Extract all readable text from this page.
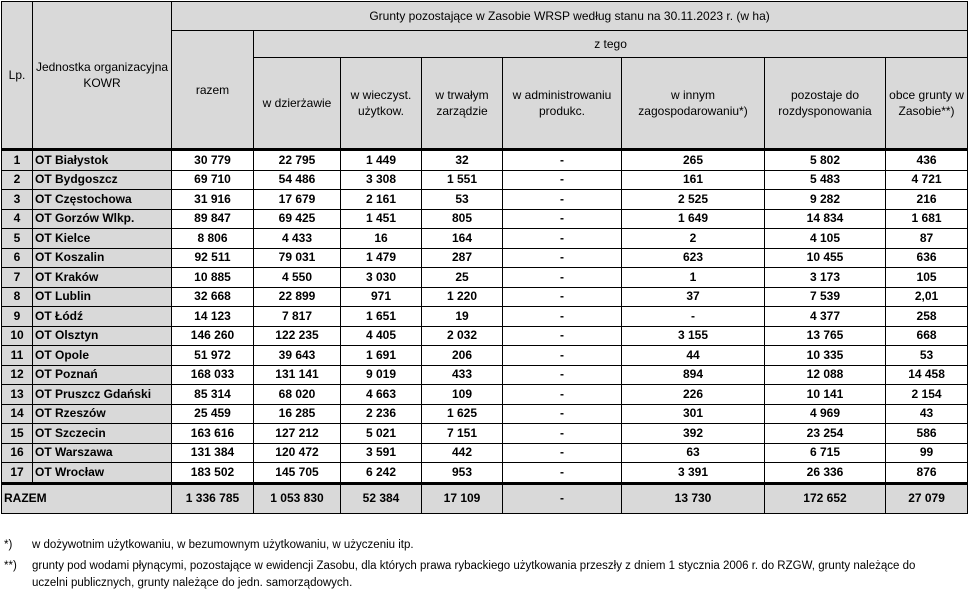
Lp.	Jednostka organizacyjna KOWR	Grunty pozostające w Zasobie WRSP według stanu na 30.11.2023 r. (w ha)							
		razem	z tego						
			w dzierżawie	w wieczyst. użytkow.	w trwałym zarządzie	w administrowaniu produkc.	w innym zagospodarowaniu*)	pozostaje do rozdysponowania	obce grunty w Zasobie**)
1	OT Białystok	30 779	22 795	1 449	32	-	265	5 802	436
2	OT Bydgoszcz	69 710	54 486	3 308	1 551	-	161	5 483	4 721
3	OT Częstochowa	31 916	17 679	2 161	53	-	2 525	9 282	216
4	OT Gorzów Wlkp.	89 847	69 425	1 451	805	-	1 649	14 834	1 681
5	OT Kielce	8 806	4 433	16	164	-	2	4 105	87
6	OT Koszalin	92 511	79 031	1 479	287	-	623	10 455	636
7	OT Kraków	10 885	4 550	3 030	25	-	1	3 173	105
8	OT Lublin	32 668	22 899	971	1 220	-	37	7 539	2,01
9	OT Łódź	14 123	7 817	1 651	19	-	-	4 377	258
10	OT Olsztyn	146 260	122 235	4 405	2 032	-	3 155	13 765	668
11	OT Opole	51 972	39 643	1 691	206	-	44	10 335	53
12	OT Poznań	168 033	131 141	9 019	433	-	894	12 088	14 458
13	OT Pruszcz Gdański	85 314	68 020	4 663	109	-	226	10 141	2 154
14	OT Rzeszów	25 459	16 285	2 236	1 625	-	301	4 969	43
15	OT Szczecin	163 616	127 212	5 021	7 151	-	392	23 254	586
16	OT Warszawa	131 384	120 472	3 591	442	-	63	6 715	99
17	OT Wrocław	183 502	145 705	6 242	953	-	3 391	26 336	876
RAZEM		1 336 785	1 053 830	52 384	17 109	-	13 730	172 652	27 079
*)	w dożywotnim użytkowaniu, w bezumownym użytkowaniu, w użyczeniu itp.
**)	grunty pod wodami płynącymi, pozostające w ewidencji Zasobu, dla których prawa rybackiego użytkowania przeszły z dniem 1 stycznia 2006 r. do RZGW, grunty należące do uczelni publicznych, grunty należące do jedn. samorządowych.
